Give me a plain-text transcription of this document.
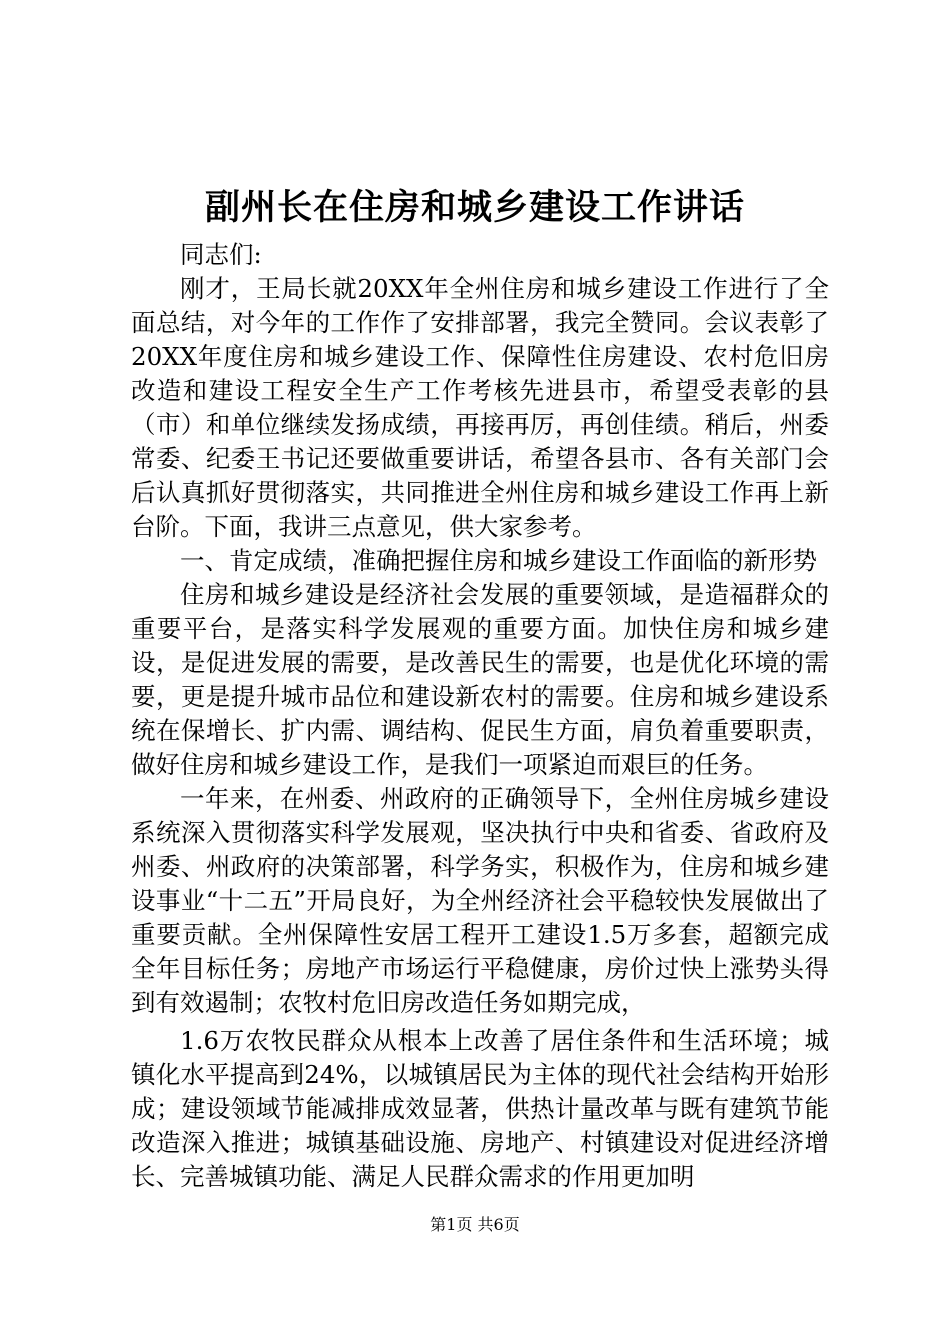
副州长在住房和城乡建设工作讲话

同志们:

刚才，王局长就20XX年全州住房和城乡建设工作进行了全面总结，对今年的工作作了安排部署，我完全赞同。会议表彰了20XX年度住房和城乡建设工作、保障性住房建设、农村危旧房改造和建设工程安全生产工作考核先进县市，希望受表彰的县（市）和单位继续发扬成绩，再接再厉，再创佳绩。稍后，州委常委、纪委王书记还要做重要讲话，希望各县市、各有关部门会后认真抓好贯彻落实，共同推进全州住房和城乡建设工作再上新台阶。下面，我讲三点意见，供大家参考。

一、肯定成绩，准确把握住房和城乡建设工作面临的新形势

住房和城乡建设是经济社会发展的重要领域，是造福群众的重要平台，是落实科学发展观的重要方面。加快住房和城乡建设，是促进发展的需要，是改善民生的需要，也是优化环境的需要，更是提升城市品位和建设新农村的需要。住房和城乡建设系统在保增长、扩内需、调结构、促民生方面，肩负着重要职责，做好住房和城乡建设工作，是我们一项紧迫而艰巨的任务。

一年来，在州委、州政府的正确领导下，全州住房城乡建设系统深入贯彻落实科学发展观，坚决执行中央和省委、省政府及州委、州政府的决策部署，科学务实，积极作为，住房和城乡建设事业“十二五”开局良好，为全州经济社会平稳较快发展做出了重要贡献。全州保障性安居工程开工建设1.5万多套，超额完成全年目标任务；房地产市场运行平稳健康，房价过快上涨势头得到有效遏制；农牧村危旧房改造任务如期完成，

1.6万农牧民群众从根本上改善了居住条件和生活环境；城镇化水平提高到24%，以城镇居民为主体的现代社会结构开始形成；建设领域节能减排成效显著，供热计量改革与既有建筑节能改造深入推进；城镇基础设施、房地产、村镇建设对促进经济增长、完善城镇功能、满足人民群众需求的作用更加明

第1页 共6页
